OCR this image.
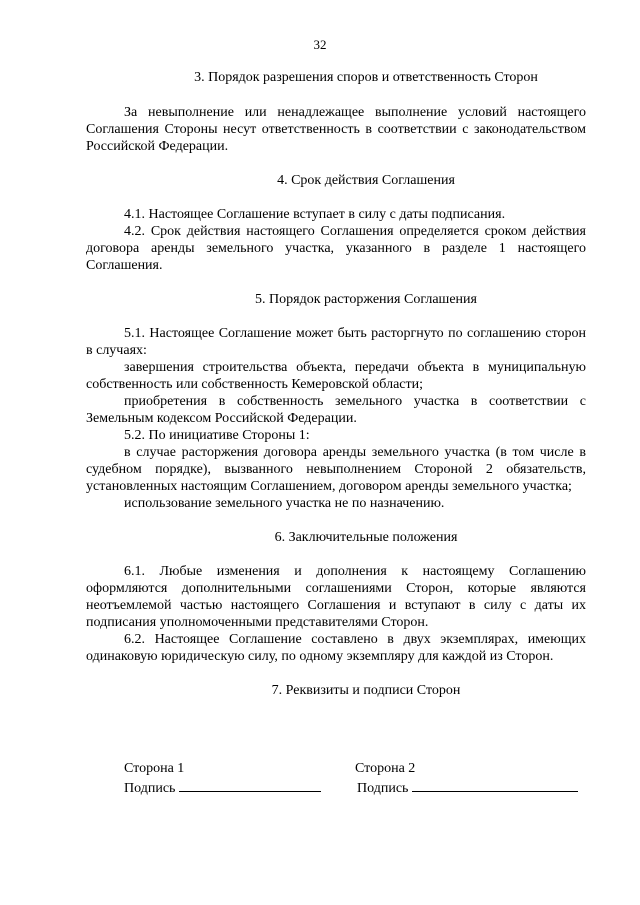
32

3. Порядок разрешения споров и ответственность Сторон

За невыполнение или ненадлежащее выполнение условий настоящего Соглашения Стороны несут ответственность в соответствии с законодательством Российской Федерации.

4. Срок действия Соглашения

4.1. Настоящее Соглашение вступает в силу с даты подписания.

4.2. Срок действия настоящего Соглашения определяется сроком действия договора аренды земельного участка, указанного в разделе 1 настоящего Соглашения.

5. Порядок расторжения Соглашения

5.1. Настоящее Соглашение может быть расторгнуто по соглашению сторон в случаях:

завершения строительства объекта, передачи объекта в муниципальную собственность или собственность Кемеровской области;

приобретения в собственность земельного участка в соответствии с Земельным кодексом Российской Федерации.

5.2. По инициативе Стороны 1:

в случае расторжения договора аренды земельного участка (в том числе в судебном порядке), вызванного невыполнением Стороной 2 обязательств, установленных настоящим Соглашением, договором аренды земельного участка;

использование земельного участка не по назначению.

6. Заключительные положения

6.1. Любые изменения и дополнения к настоящему Соглашению оформляются дополнительными соглашениями Сторон, которые являются неотъемлемой частью настоящего Соглашения и вступают в силу с даты их подписания уполномоченными представителями Сторон.

6.2. Настоящее Соглашение составлено в двух экземплярах, имеющих одинаковую юридическую силу, по одному экземпляру для каждой из Сторон.

7. Реквизиты и подписи Сторон

Сторона 1
Подпись
Сторона 2
Подпись
